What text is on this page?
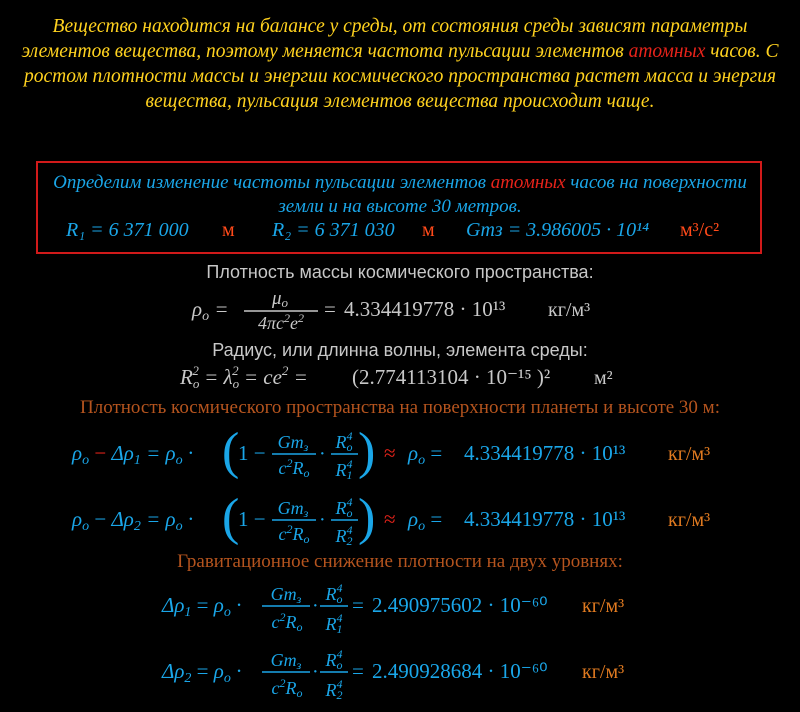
Вещество находится на балансе у среды, от состояния среды зависят параметры элементов вещества, поэтому меняется частота пульсации элементов атомных часов. С ростом плотности массы и энергии космического пространства растет масса и энергия вещества, пульсация элементов вещества происходит чаще.
Определим изменение частоты пульсации элементов атомных часов на поверхности земли и на высоте 30 метров.
R₁ = 6 371 000 м R₂ = 6 371 030 м Gmз = 3.986005 · 10¹⁴ м³/с²
Плотность массы космического пространства:
ρo = μo
$4\pi c^2e^2 = 4.334419778 \cdot 10^{13}$ кг/м³
Радиус, или длинна волны, элемента среды:
$Ro2 = \lambda o2 = ce^2 = (2.774113104 \cdot 10^{-15}$ )² м²
Плотность космического пространства на поверхности планеты и высоте 30 м:
ρo − Δρ1 = ρo · (
1 − Gmз
$c^2Ro$
·
Ro4
R14 ) ≈ ρo = 4.334419778 · 10¹³ кг/м³
ρo − Δρ2 = ρo · (
1 − Gmз
$c^2Ro$
·
Ro4
R24 ) ≈ ρo = 4.334419778 · 10¹³ кг/м³
Гравитационное снижение плотности на двух уровнях:
Δρ1 = ρo · Gmз
$c^2Ro$
·
Ro4
R14
= 2.490975602 · 10⁻⁶⁰ кг/м³
Δρ2 = ρo · Gmз
$c^2Ro$
·
Ro4
R24
= 2.490928684 · 10⁻⁶⁰ кг/м³
